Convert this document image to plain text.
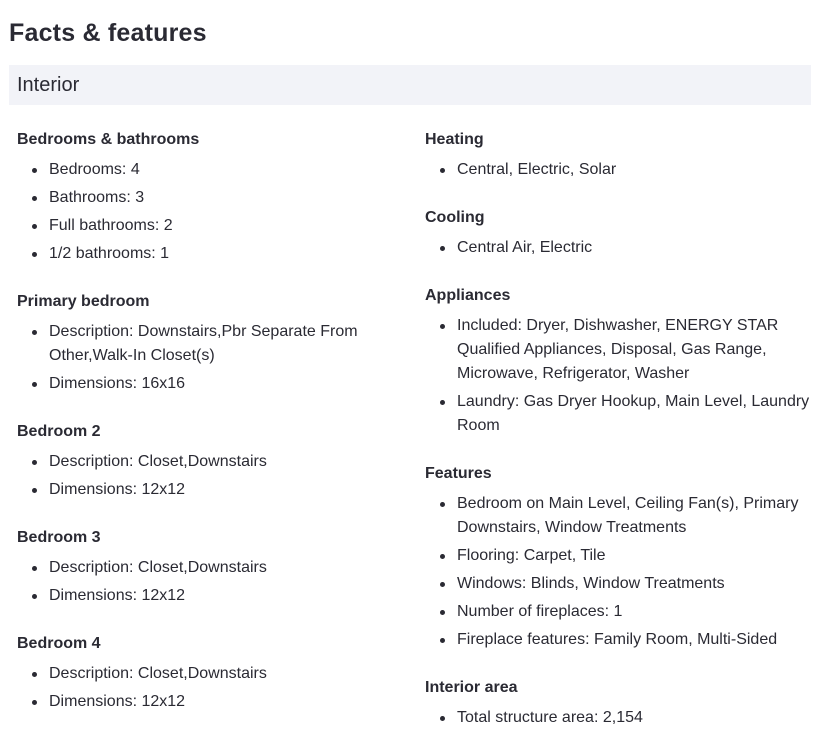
Facts & features
Interior
Bedrooms & bathrooms
Bedrooms: 4
Bathrooms: 3
Full bathrooms: 2
1/2 bathrooms: 1
Primary bedroom
Description: Downstairs,Pbr Separate From Other,Walk-In Closet(s)
Dimensions: 16x16
Bedroom 2
Description: Closet,Downstairs
Dimensions: 12x12
Bedroom 3
Description: Closet,Downstairs
Dimensions: 12x12
Bedroom 4
Description: Closet,Downstairs
Dimensions: 12x12
Heating
Central, Electric, Solar
Cooling
Central Air, Electric
Appliances
Included: Dryer, Dishwasher, ENERGY STAR Qualified Appliances, Disposal, Gas Range, Microwave, Refrigerator, Washer
Laundry: Gas Dryer Hookup, Main Level, Laundry Room
Features
Bedroom on Main Level, Ceiling Fan(s), Primary Downstairs, Window Treatments
Flooring: Carpet, Tile
Windows: Blinds, Window Treatments
Number of fireplaces: 1
Fireplace features: Family Room, Multi-Sided
Interior area
Total structure area: 2,154
